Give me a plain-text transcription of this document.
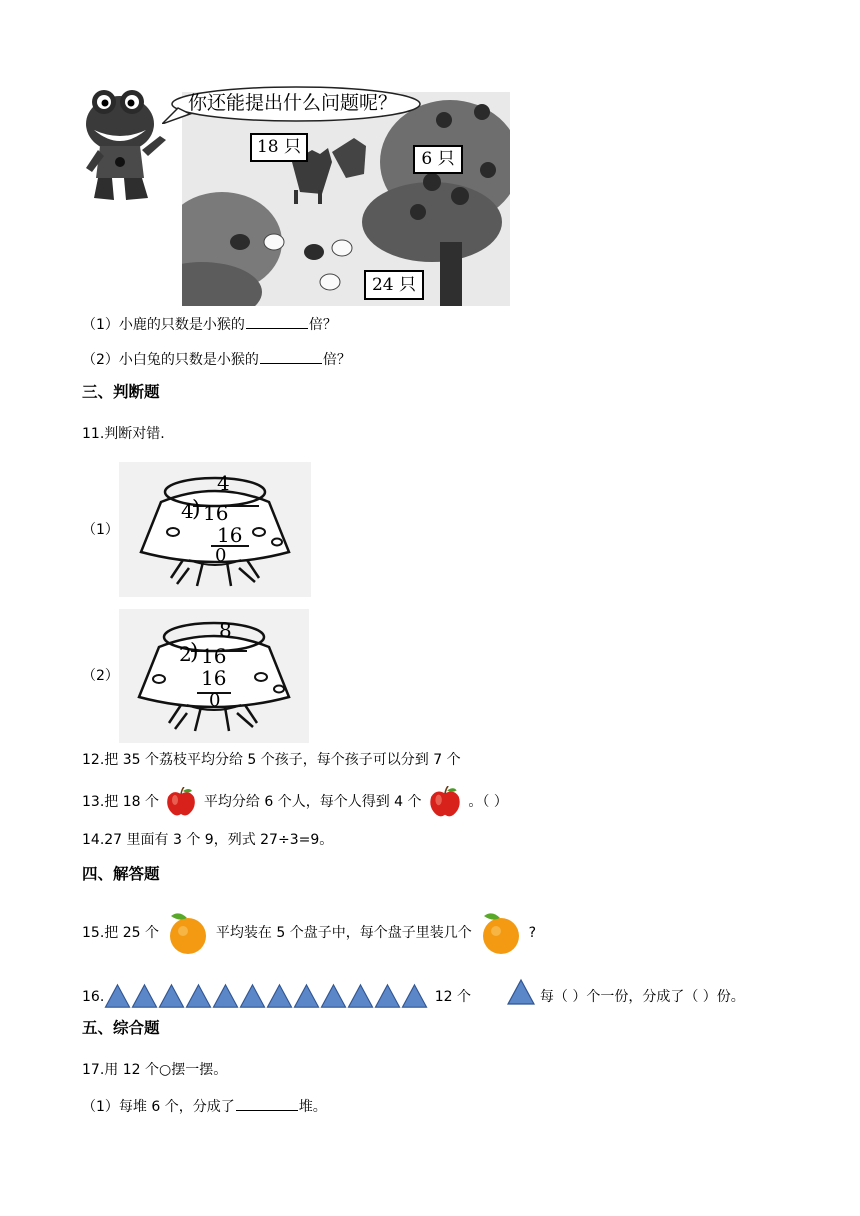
你还能提出什么问题呢？
18 只
6 只
24 只
（1）小鹿的只数是小猴的	倍？
（2）小白兔的只数是小猴的	倍？
三、判断题
11.判断对错.
（1）
4
4
) 16
16
0
（2）
8
2
) 16
16
0
12.把 35 个荔枝平均分给 5 个孩子，每个孩子可以分到 7 个
13.把 18 个	平均分给 6 个人，每个人得到 4 个	。（ ）
14.27 里面有 3 个 9，列式 27÷3=9。
四、解答题
15.把 25 个	平均装在 5 个盘子中，每个盘子里装几个	?
16.	12 个	每（ ）个一份，分成了（ ）份。
五、综合题
17.用 12 个○摆一摆。
（1）每堆 6 个，分成了	堆。
